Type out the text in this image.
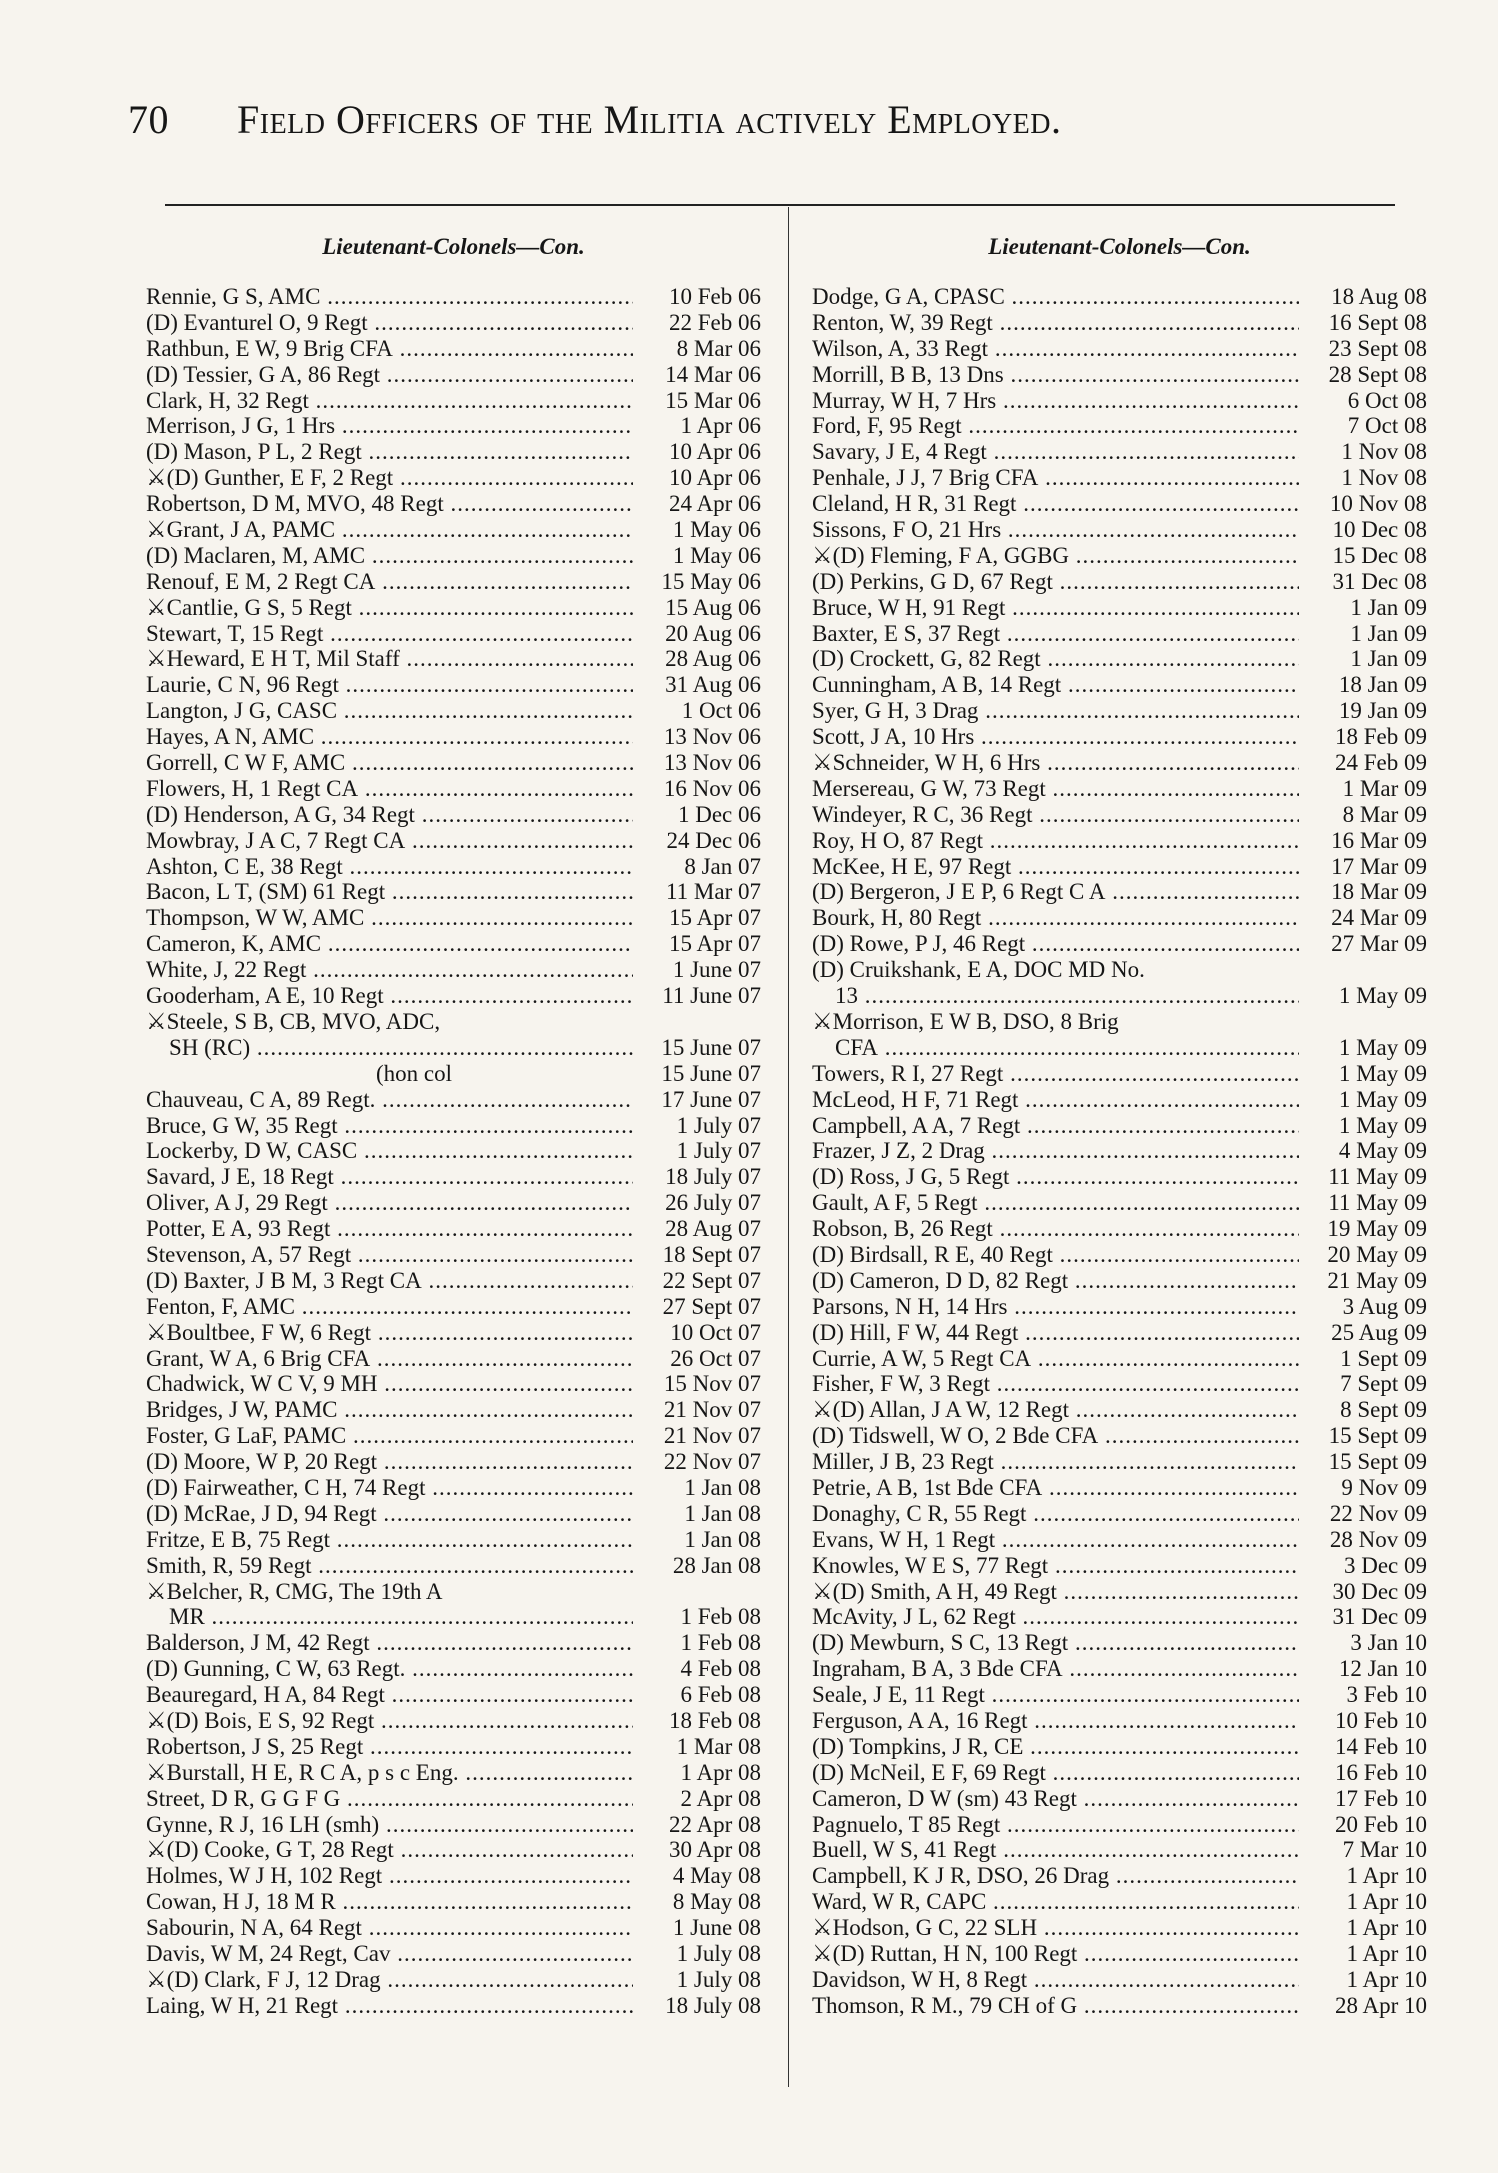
70 Field Officers of the Militia actively Employed.
Lieutenant-Colonels—Con.
Rennie, G S, AMC .....	10 Feb 06
(D) Evanturel O, 9 Regt .....	22 Feb 06
Rathbun, E W, 9 Brig CFA .....	8 Mar 06
(D) Tessier, G A, 86 Regt .....	14 Mar 06
Clark, H, 32 Regt .....	15 Mar 06
Merrison, J G, 1 Hrs .....	1 Apr 06
(D) Mason, P L, 2 Regt .....	10 Apr 06
⚔(D) Gunther, E F, 2 Regt .....	10 Apr 06
Robertson, D M, MVO, 48 Regt .....	24 Apr 06
⚔Grant, J A, PAMC .....	1 May 06
(D) Maclaren, M, AMC .....	1 May 06
Renouf, E M, 2 Regt CA .....	15 May 06
⚔Cantlie, G S, 5 Regt .....	15 Aug 06
Stewart, T, 15 Regt .....	20 Aug 06
⚔Heward, E H T, Mil Staff .....	28 Aug 06
Laurie, C N, 96 Regt .....	31 Aug 06
Langton, J G, CASC .....	1 Oct 06
Hayes, A N, AMC .....	13 Nov 06
Gorrell, C W F, AMC .....	13 Nov 06
Flowers, H, 1 Regt CA .....	16 Nov 06
(D) Henderson, A G, 34 Regt .....	1 Dec 06
Mowbray, J A C, 7 Regt CA .....	24 Dec 06
Ashton, C E, 38 Regt .....	8 Jan 07
Bacon, L T, (SM) 61 Regt .....	11 Mar 07
Thompson, W W, AMC .....	15 Apr 07
Cameron, K, AMC .....	15 Apr 07
White, J, 22 Regt .....	1 June 07
Gooderham, A E, 10 Regt .....	11 June 07
⚔Steele, S B, CB, MVO, ADC,
SH (RC) .....	15 June 07
(hon col	15 June 07
Chauveau, C A, 89 Regt. .....	17 June 07
Bruce, G W, 35 Regt .....	1 July 07
Lockerby, D W, CASC .....	1 July 07
Savard, J E, 18 Regt .....	18 July 07
Oliver, A J, 29 Regt .....	26 July 07
Potter, E A, 93 Regt .....	28 Aug 07
Stevenson, A, 57 Regt .....	18 Sept 07
(D) Baxter, J B M, 3 Regt CA .....	22 Sept 07
Fenton, F, AMC .....	27 Sept 07
⚔Boultbee, F W, 6 Regt .....	10 Oct 07
Grant, W A, 6 Brig CFA .....	26 Oct 07
Chadwick, W C V, 9 MH .....	15 Nov 07
Bridges, J W, PAMC .....	21 Nov 07
Foster, G LaF, PAMC .....	21 Nov 07
(D) Moore, W P, 20 Regt .....	22 Nov 07
(D) Fairweather, C H, 74 Regt .....	1 Jan 08
(D) McRae, J D, 94 Regt .....	1 Jan 08
Fritze, E B, 75 Regt .....	1 Jan 08
Smith, R, 59 Regt .....	28 Jan 08
⚔Belcher, R, CMG, The 19th A
MR .....	1 Feb 08
Balderson, J M, 42 Regt .....	1 Feb 08
(D) Gunning, C W, 63 Regt. .....	4 Feb 08
Beauregard, H A, 84 Regt .....	6 Feb 08
⚔(D) Bois, E S, 92 Regt .....	18 Feb 08
Robertson, J S, 25 Regt .....	1 Mar 08
⚔Burstall, H E, R C A, p s c Eng. .....	1 Apr 08
Street, D R, G G F G .....	2 Apr 08
Gynne, R J, 16 LH (smh) .....	22 Apr 08
⚔(D) Cooke, G T, 28 Regt .....	30 Apr 08
Holmes, W J H, 102 Regt .....	4 May 08
Cowan, H J, 18 M R .....	8 May 08
Sabourin, N A, 64 Regt .....	1 June 08
Davis, W M, 24 Regt, Cav .....	1 July 08
⚔(D) Clark, F J, 12 Drag .....	1 July 08
Laing, W H, 21 Regt .....	18 July 08
Lieutenant-Colonels—Con.
Dodge, G A, CPASC .....	18 Aug 08
Renton, W, 39 Regt .....	16 Sept 08
Wilson, A, 33 Regt .....	23 Sept 08
Morrill, B B, 13 Dns .....	28 Sept 08
Murray, W H, 7 Hrs .....	6 Oct 08
Ford, F, 95 Regt .....	7 Oct 08
Savary, J E, 4 Regt .....	1 Nov 08
Penhale, J J, 7 Brig CFA .....	1 Nov 08
Cleland, H R, 31 Regt .....	10 Nov 08
Sissons, F O, 21 Hrs .....	10 Dec 08
⚔(D) Fleming, F A, GGBG .....	15 Dec 08
(D) Perkins, G D, 67 Regt .....	31 Dec 08
Bruce, W H, 91 Regt .....	1 Jan 09
Baxter, E S, 37 Regt .....	1 Jan 09
(D) Crockett, G, 82 Regt .....	1 Jan 09
Cunningham, A B, 14 Regt .....	18 Jan 09
Syer, G H, 3 Drag .....	19 Jan 09
Scott, J A, 10 Hrs .....	18 Feb 09
⚔Schneider, W H, 6 Hrs .....	24 Feb 09
Mersereau, G W, 73 Regt .....	1 Mar 09
Windeyer, R C, 36 Regt .....	8 Mar 09
Roy, H O, 87 Regt .....	16 Mar 09
McKee, H E, 97 Regt .....	17 Mar 09
(D) Bergeron, J E P, 6 Regt C A .....	18 Mar 09
Bourk, H, 80 Regt .....	24 Mar 09
(D) Rowe, P J, 46 Regt .....	27 Mar 09
(D) Cruikshank, E A, DOC MD No.
13 .....	1 May 09
⚔Morrison, E W B, DSO, 8 Brig
CFA .....	1 May 09
Towers, R I, 27 Regt .....	1 May 09
McLeod, H F, 71 Regt .....	1 May 09
Campbell, A A, 7 Regt .....	1 May 09
Frazer, J Z, 2 Drag .....	4 May 09
(D) Ross, J G, 5 Regt .....	11 May 09
Gault, A F, 5 Regt .....	11 May 09
Robson, B, 26 Regt .....	19 May 09
(D) Birdsall, R E, 40 Regt .....	20 May 09
(D) Cameron, D D, 82 Regt .....	21 May 09
Parsons, N H, 14 Hrs .....	3 Aug 09
(D) Hill, F W, 44 Regt .....	25 Aug 09
Currie, A W, 5 Regt CA .....	1 Sept 09
Fisher, F W, 3 Regt .....	7 Sept 09
⚔(D) Allan, J A W, 12 Regt .....	8 Sept 09
(D) Tidswell, W O, 2 Bde CFA .....	15 Sept 09
Miller, J B, 23 Regt .....	15 Sept 09
Petrie, A B, 1st Bde CFA .....	9 Nov 09
Donaghy, C R, 55 Regt .....	22 Nov 09
Evans, W H, 1 Regt .....	28 Nov 09
Knowles, W E S, 77 Regt .....	3 Dec 09
⚔(D) Smith, A H, 49 Regt .....	30 Dec 09
McAvity, J L, 62 Regt .....	31 Dec 09
(D) Mewburn, S C, 13 Regt .....	3 Jan 10
Ingraham, B A, 3 Bde CFA .....	12 Jan 10
Seale, J E, 11 Regt .....	3 Feb 10
Ferguson, A A, 16 Regt .....	10 Feb 10
(D) Tompkins, J R, CE .....	14 Feb 10
(D) McNeil, E F, 69 Regt .....	16 Feb 10
Cameron, D W (sm) 43 Regt .....	17 Feb 10
Pagnuelo, T 85 Regt .....	20 Feb 10
Buell, W S, 41 Regt .....	7 Mar 10
Campbell, K J R, DSO, 26 Drag .....	1 Apr 10
Ward, W R, CAPC .....	1 Apr 10
⚔Hodson, G C, 22 SLH .....	1 Apr 10
⚔(D) Ruttan, H N, 100 Regt .....	1 Apr 10
Davidson, W H, 8 Regt .....	1 Apr 10
Thomson, R M., 79 CH of G .....	28 Apr 10
